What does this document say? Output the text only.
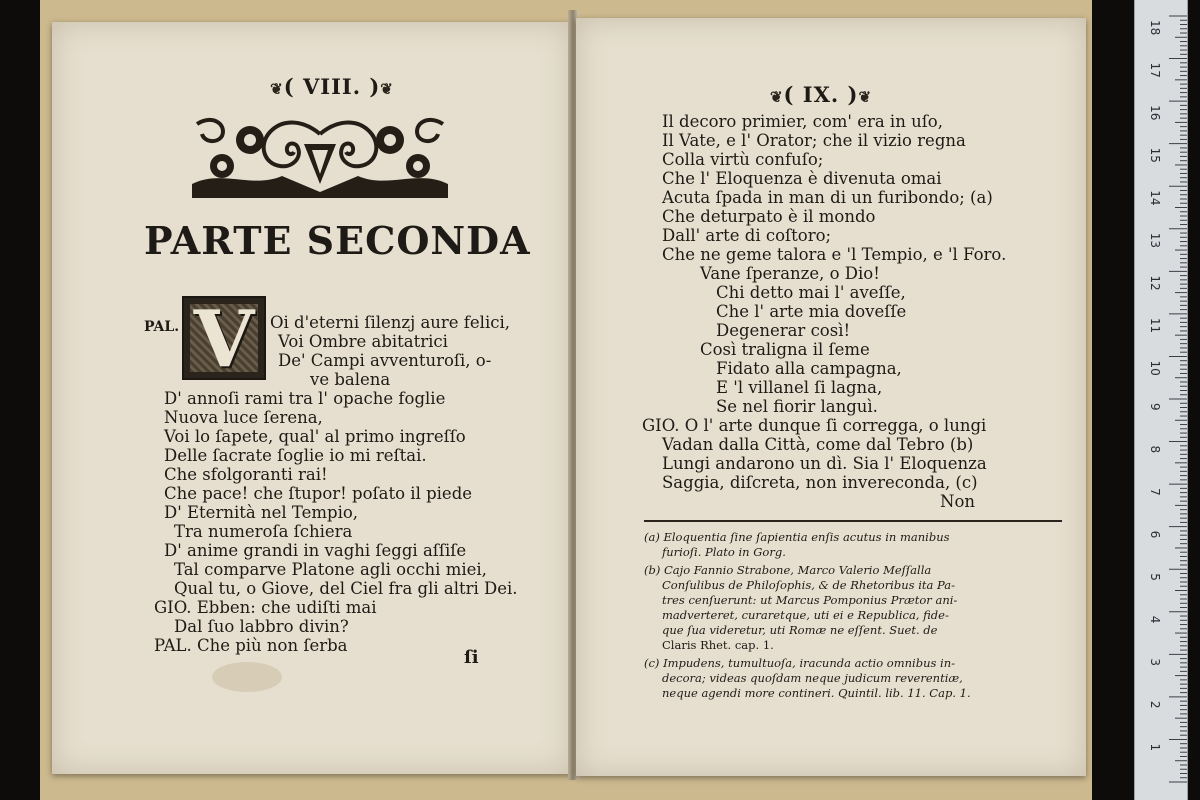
❦( VIII. )❦
PARTE SECONDA
V
PAL.	Oi d'eterni ſilenzj aure felici,
Voi Ombre abitatrici
De' Campi avventuroſi, o-
ve balena
D' annoſi rami tra l' opache foglie
Nuova luce ſerena,
Voi lo ſapete, qual' al primo ingreſſo
Delle ſacrate ſoglie io mi reſtai.
Che sfolgoranti rai!
Che pace! che ſtupor! poſato il piede
D' Eternità nel Tempio,
Tra numeroſa ſchiera
D' anime grandi in vaghi ſeggi aſſiſe
Tal comparve Platone agli occhi miei,
Qual tu, o Giove, del Ciel fra gli altri Dei.
GIO. Ebben: che udiſti mai
Dal ſuo labbro divin?
PAL. Che più non ſerba
ſi
❦( IX. )❦
Il decoro primier, com' era in uſo,
Il Vate, e l' Orator; che il vizio regna
Colla virtù confuſo;
Che l' Eloquenza è divenuta omai
Acuta ſpada in man di un furibondo; (a)
Che deturpato è il mondo
Dall' arte di coſtoro;
Che ne geme talora e 'l Tempio, e 'l Foro.
Vane ſperanze, o Dio!
Chi detto mai l' aveſſe,
Che l' arte mia doveſſe
Degenerar così!
Così traligna il ſeme
Fidato alla campagna,
E 'l villanel ſi lagna,
Se nel fiorir languì.
GIO. O l' arte dunque ſi corregga, o lungi
Vadan dalla Città, come dal Tebro (b)
Lungi andarono un dì. Sia l' Eloquenza
Saggia, diſcreta, non invereconda, (c)
Non
(a) Eloquentia ſine ſapientia enſis acutus in manibus
furioſi. Plato in Gorg.
(b) Cajo Fannio Strabone, Marco Valerio Meſſalla
Conſulibus de Philoſophis, & de Rhetoribus ita Pa-
tres cenſuerunt: ut Marcus Pomponius Prætor ani-
madverteret, curaretque, uti ei e Republica, fide-
que ſua videretur, uti Romæ ne eſſent. Suet. de
Claris Rhet. cap. 1.
(c) Impudens, tumultuoſa, iracunda actio omnibus in-
decora; videas quoſdam neque judicum reverentiæ,
neque agendi more contineri. Quintil. lib. 11. Cap. 1.
18
17
16
15
14
13
12
11
10
9
8
7
6
5
4
3
2
1
